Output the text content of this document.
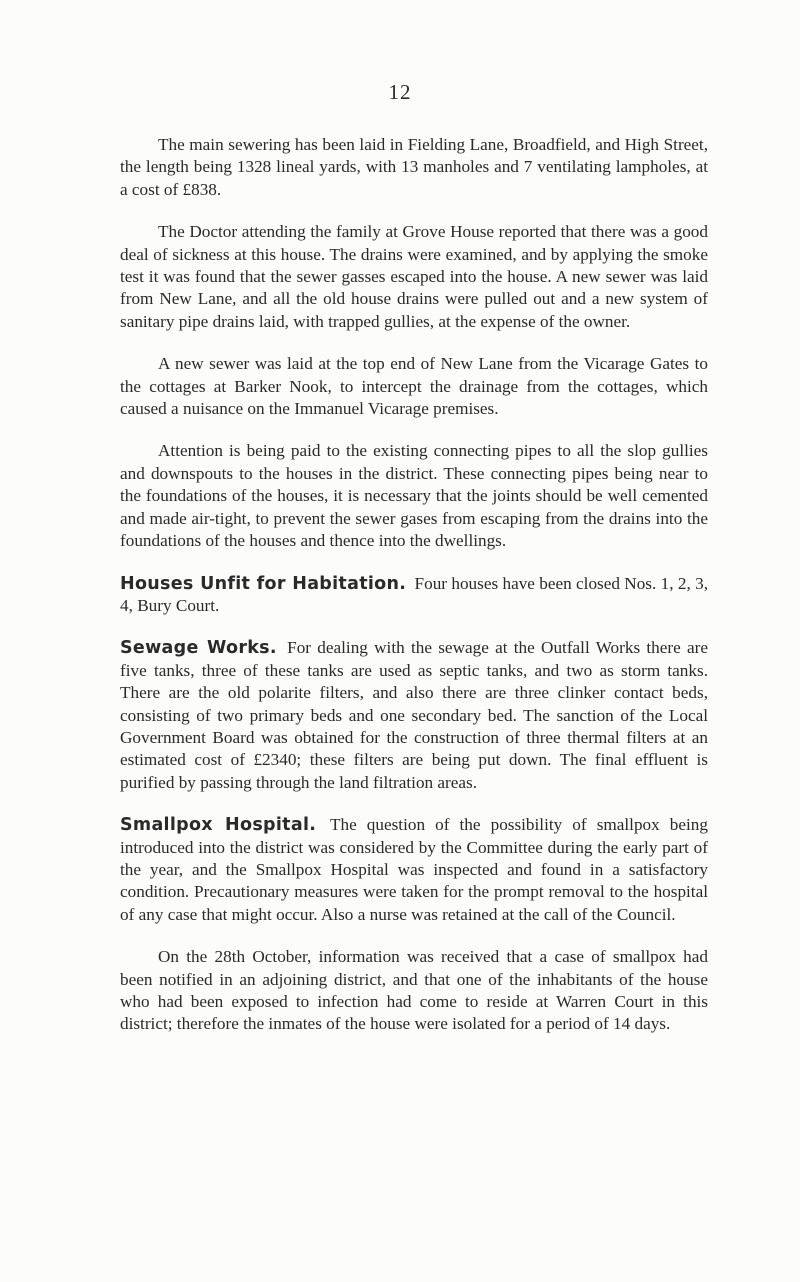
12

The main sewering has been laid in Fielding Lane, Broadfield, and High Street, the length being 1328 lineal yards, with 13 manholes and 7 ventilating lampholes, at a cost of £838.

The Doctor attending the family at Grove House reported that there was a good deal of sickness at this house. The drains were examined, and by applying the smoke test it was found that the sewer gasses escaped into the house. A new sewer was laid from New Lane, and all the old house drains were pulled out and a new system of sanitary pipe drains laid, with trapped gullies, at the expense of the owner.

A new sewer was laid at the top end of New Lane from the Vicarage Gates to the cottages at Barker Nook, to intercept the drainage from the cottages, which caused a nuisance on the Immanuel Vicarage premises.

Attention is being paid to the existing connecting pipes to all the slop gullies and downspouts to the houses in the district. These connecting pipes being near to the foundations of the houses, it is necessary that the joints should be well cemented and made air-tight, to prevent the sewer gases from escaping from the drains into the foundations of the houses and thence into the dwellings.

Houses Unfit for Habitation. Four houses have been closed Nos. 1, 2, 3, 4, Bury Court.

Sewage Works. For dealing with the sewage at the Outfall Works there are five tanks, three of these tanks are used as septic tanks, and two as storm tanks. There are the old polarite filters, and also there are three clinker contact beds, consisting of two primary beds and one secondary bed. The sanction of the Local Government Board was obtained for the construction of three thermal filters at an estimated cost of £2340; these filters are being put down. The final effluent is purified by passing through the land filtration areas.

Smallpox Hospital. The question of the possibility of smallpox being introduced into the district was considered by the Committee during the early part of the year, and the Smallpox Hospital was inspected and found in a satisfactory condition. Precautionary measures were taken for the prompt removal to the hospital of any case that might occur. Also a nurse was retained at the call of the Council.

On the 28th October, information was received that a case of smallpox had been notified in an adjoining district, and that one of the inhabitants of the house who had been exposed to infection had come to reside at Warren Court in this district; therefore the inmates of the house were isolated for a period of 14 days.
